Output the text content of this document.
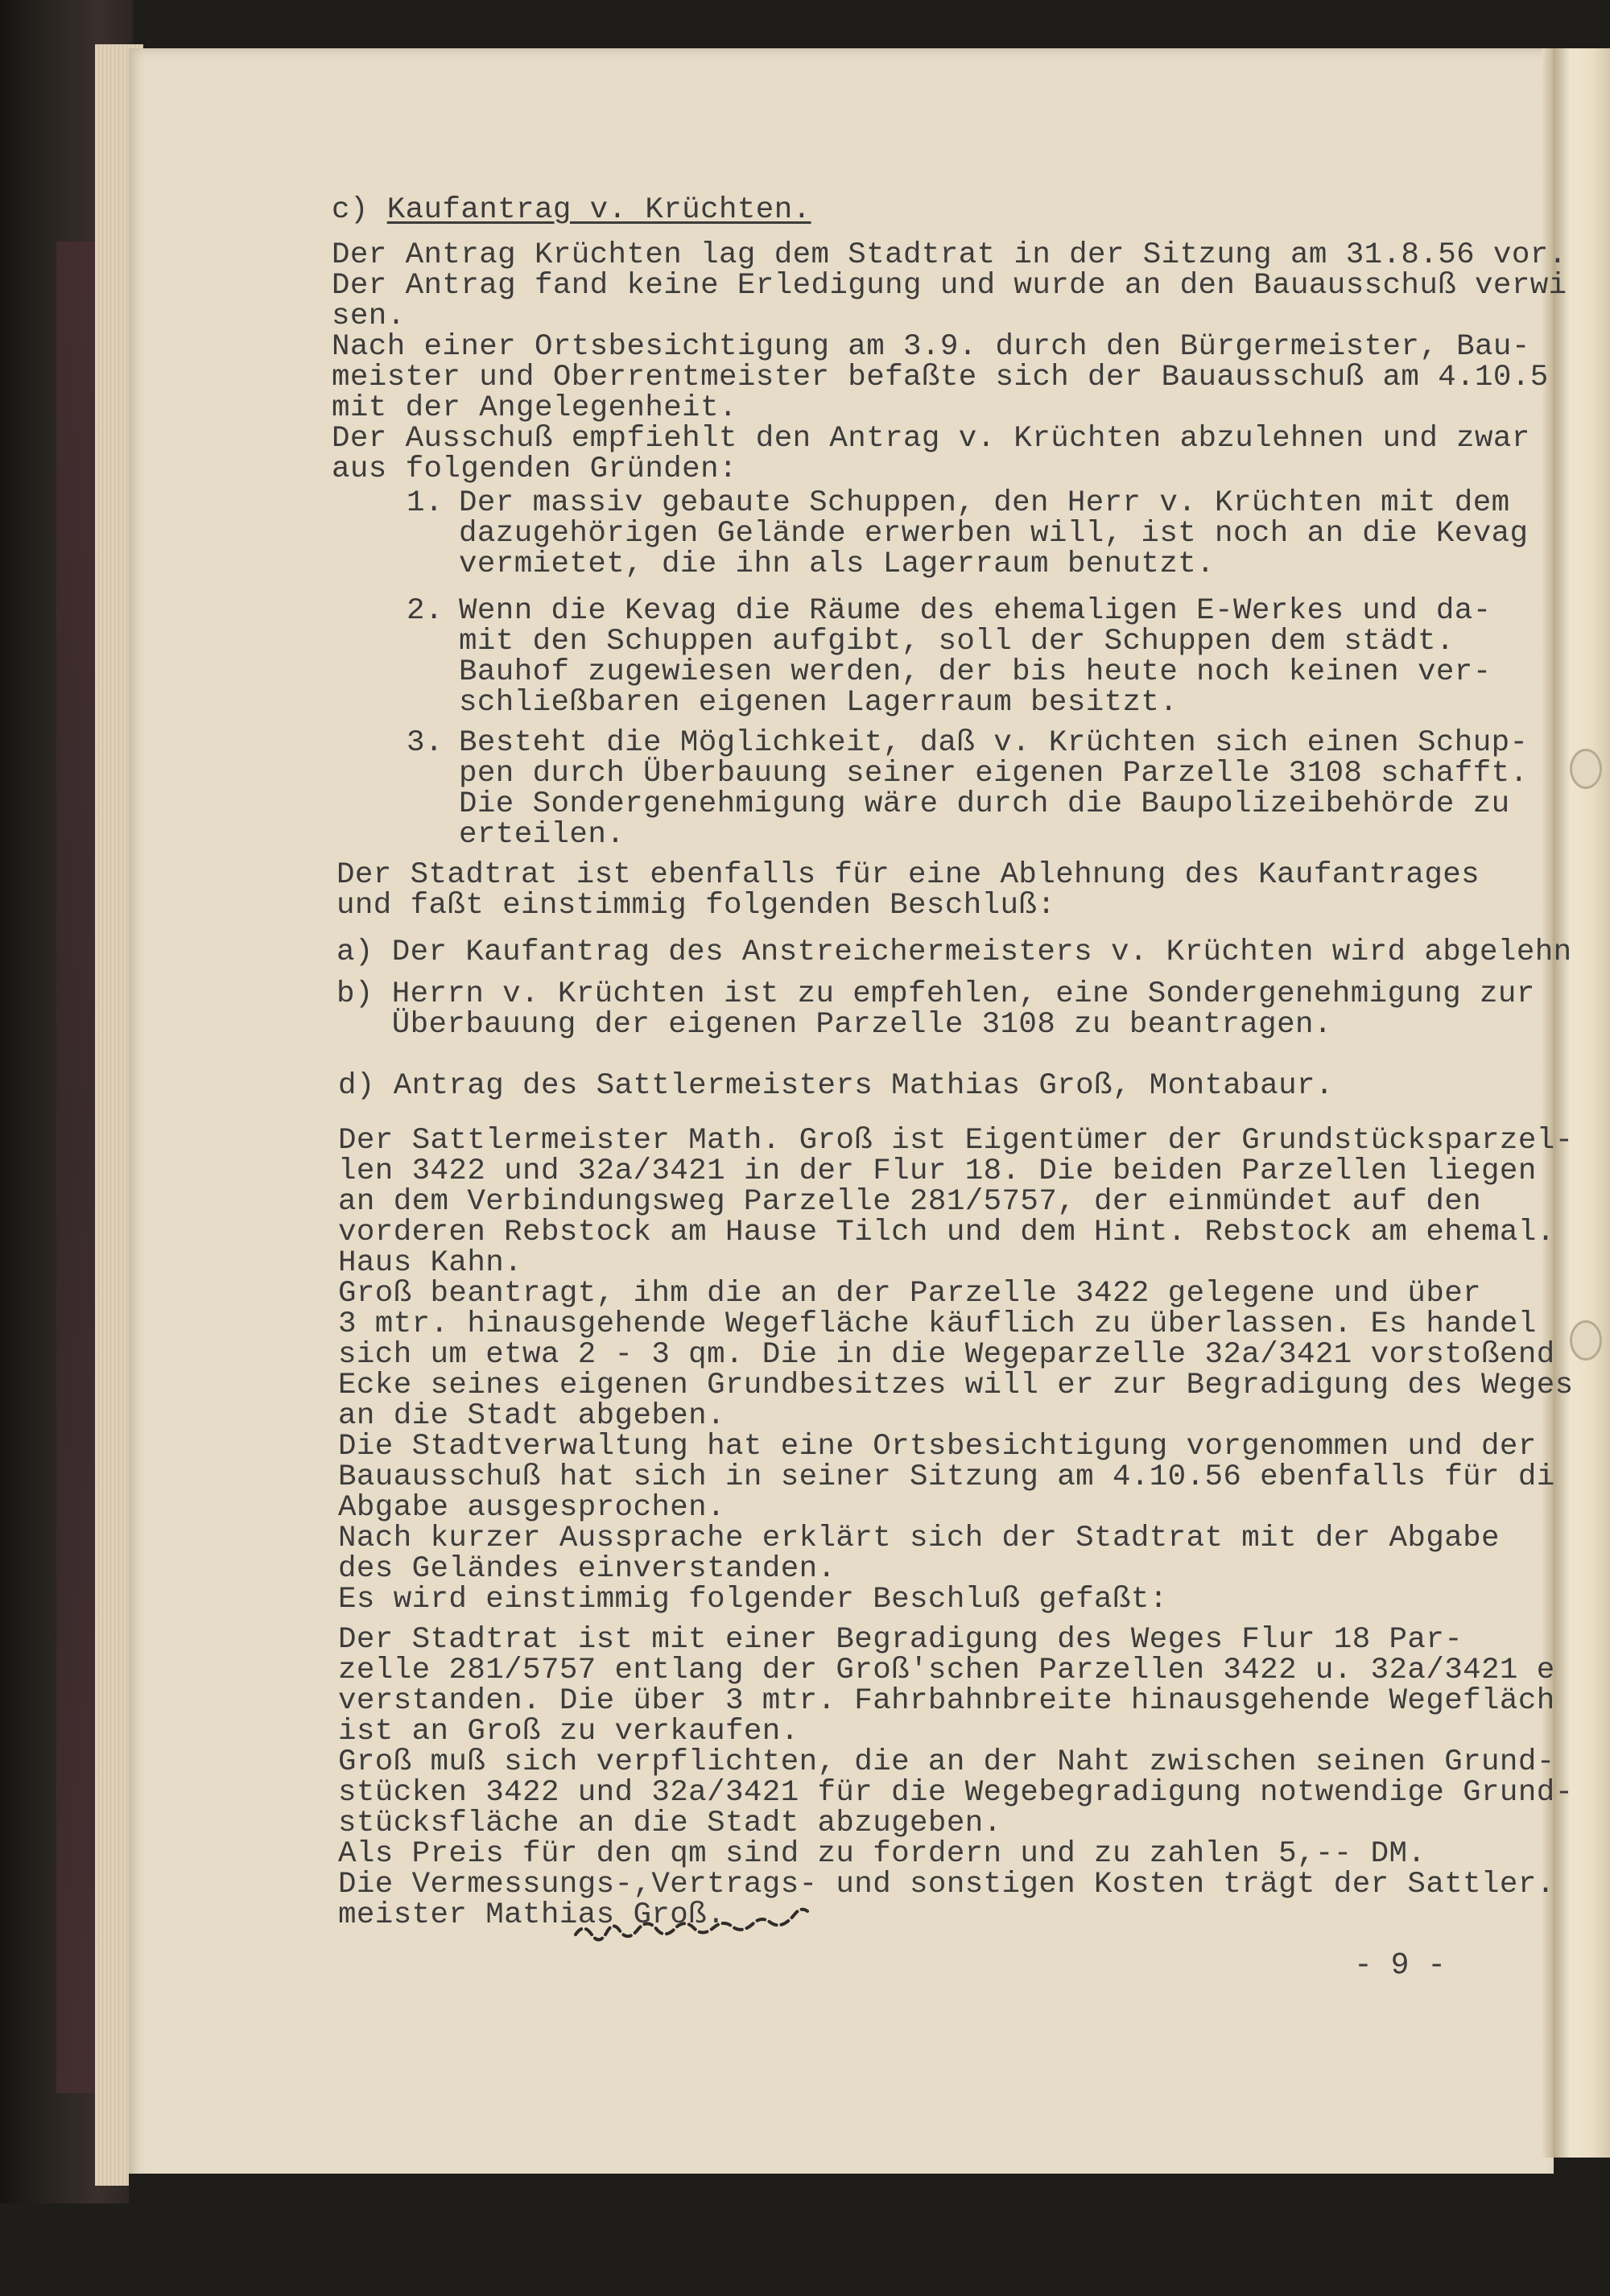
c) Kaufantrag v. Krüchten.

Der Antrag Krüchten lag dem Stadtrat in der Sitzung am 31.8.56 vor.

Der Antrag fand keine Erledigung und wurde an den Bauausschuß verwi

sen.

Nach einer Ortsbesichtigung am 3.9. durch den Bürgermeister, Bau-

meister und Oberrentmeister befaßte sich der Bauausschuß am 4.10.5

mit der Angelegenheit.

Der Ausschuß empfiehlt den Antrag v. Krüchten abzulehnen und zwar

aus folgenden Gründen:

1.

Der massiv gebaute Schuppen, den Herr v. Krüchten mit dem

dazugehörigen Gelände erwerben will, ist noch an die Kevag

vermietet, die ihn als Lagerraum benutzt.

2.

Wenn die Kevag die Räume des ehemaligen E-Werkes und da-

mit den Schuppen aufgibt, soll der Schuppen dem städt.

Bauhof zugewiesen werden, der bis heute noch keinen ver-

schließbaren eigenen Lagerraum besitzt.

3.

Besteht die Möglichkeit, daß v. Krüchten sich einen Schup-

pen durch Überbauung seiner eigenen Parzelle 3108 schafft.

Die Sondergenehmigung wäre durch die Baupolizeibehörde zu

erteilen.

Der Stadtrat ist ebenfalls für eine Ablehnung des Kaufantrages

und faßt einstimmig folgenden Beschluß:

a) Der Kaufantrag des Anstreichermeisters v. Krüchten wird abgelehn

b) Herrn v. Krüchten ist zu empfehlen, eine Sondergenehmigung zur

Überbauung der eigenen Parzelle 3108 zu beantragen.

d) Antrag des Sattlermeisters Mathias Groß, Montabaur.

Der Sattlermeister Math. Groß ist Eigentümer der Grundstücksparzel-

len 3422 und 32a/3421 in der Flur 18. Die beiden Parzellen liegen

an dem Verbindungsweg Parzelle 281/5757, der einmündet auf den

vorderen Rebstock am Hause Tilch und dem Hint. Rebstock am ehemal.

Haus Kahn.

Groß beantragt, ihm die an der Parzelle 3422 gelegene und über

3 mtr. hinausgehende Wegefläche käuflich zu überlassen. Es handel

sich um etwa 2 - 3 qm. Die in die Wegeparzelle 32a/3421 vorstoßend

Ecke seines eigenen Grundbesitzes will er zur Begradigung des Weges

an die Stadt abgeben.

Die Stadtverwaltung hat eine Ortsbesichtigung vorgenommen und der

Bauausschuß hat sich in seiner Sitzung am 4.10.56 ebenfalls für di

Abgabe ausgesprochen.

Nach kurzer Aussprache erklärt sich der Stadtrat mit der Abgabe

des Geländes einverstanden.

Es wird einstimmig folgender Beschluß gefaßt:

Der Stadtrat ist mit einer Begradigung des Weges Flur 18 Par-

zelle 281/5757 entlang der Groß'schen Parzellen 3422 u. 32a/3421 e

verstanden. Die über 3 mtr. Fahrbahnbreite hinausgehende Wegefläch

ist an Groß zu verkaufen.

Groß muß sich verpflichten, die an der Naht zwischen seinen Grund-

stücken 3422 und 32a/3421 für die Wegebegradigung notwendige Grund-

stücksfläche an die Stadt abzugeben.

Als Preis für den qm sind zu fordern und zu zahlen 5,-- DM.

Die Vermessungs-,Vertrags- und sonstigen Kosten trägt der Sattler.

meister Mathias Groß.

- 9 -
